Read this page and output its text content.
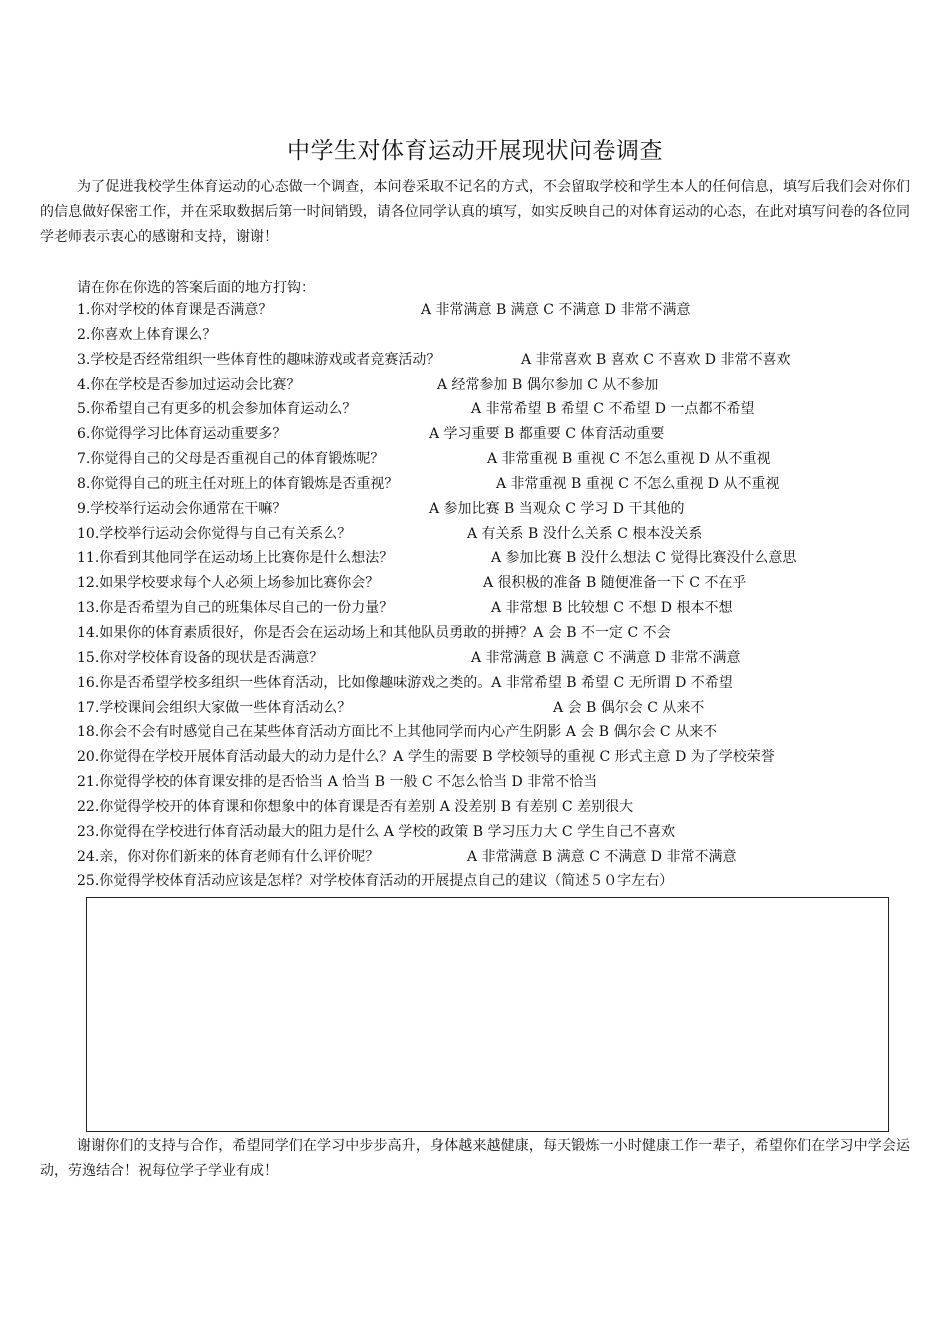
中学生对体育运动开展现状问卷调查
为了促进我校学生体育运动的心态做一个调查，本问卷采取不记名的方式，不会留取学校和学生本人的任何信息，填写后我们会对你们的信息做好保密工作，并在采取数据后第一时间销毁，请各位同学认真的填写，如实反映自己的对体育运动的心态，在此对填写问卷的各位同学老师表示衷心的感谢和支持，谢谢！
请在你在你选的答案后面的地方打钩：
1.你对学校的体育课是否满意？	A 非常满意 B 满意 C 不满意 D 非常不满意
2.你喜欢上体育课么？
3.学校是否经常组织一些体育性的趣味游戏或者竞赛活动？	A 非常喜欢 B 喜欢 C 不喜欢 D 非常不喜欢
4.你在学校是否参加过运动会比赛？	A 经常参加 B 偶尔参加 C 从不参加
5.你希望自己有更多的机会参加体育运动么？	A 非常希望 B 希望 C 不希望 D 一点都不希望
6.你觉得学习比体育运动重要多？	A 学习重要 B 都重要 C 体育活动重要
7.你觉得自己的父母是否重视自己的体育锻炼呢？	A 非常重视 B 重视 C 不怎么重视 D 从不重视
8.你觉得自己的班主任对班上的体育锻炼是否重视？	A 非常重视 B 重视 C 不怎么重视 D 从不重视
9.学校举行运动会你通常在干嘛？	A 参加比赛 B 当观众 C 学习 D 干其他的
10.学校举行运动会你觉得与自己有关系么？	A 有关系 B 没什么关系 C 根本没关系
11.你看到其他同学在运动场上比赛你是什么想法？	A 参加比赛 B 没什么想法 C 觉得比赛没什么意思
12.如果学校要求每个人必须上场参加比赛你会？	A 很积极的准备 B 随便准备一下 C 不在乎
13.你是否希望为自己的班集体尽自己的一份力量？	A 非常想 B 比较想 C 不想 D 根本不想
14.如果你的体育素质很好，你是否会在运动场上和其他队员勇敢的拼搏？A 会 B 不一定 C 不会
15.你对学校体育设备的现状是否满意？	A 非常满意 B 满意 C 不满意 D 非常不满意
16.你是否希望学校多组织一些体育活动，比如像趣味游戏之类的。A 非常希望 B 希望 C 无所谓 D 不希望
17.学校课间会组织大家做一些体育活动么？	A 会 B 偶尔会 C 从来不
18.你会不会有时感觉自己在某些体育活动方面比不上其他同学而内心产生阴影 A 会 B 偶尔会 C 从来不
20.你觉得在学校开展体育活动最大的动力是什么？A 学生的需要 B 学校领导的重视 C 形式主意 D 为了学校荣誉
21.你觉得学校的体育课安排的是否恰当 A 恰当 B 一般 C 不怎么恰当 D 非常不恰当
22.你觉得学校开的体育课和你想象中的体育课是否有差别 A 没差别 B 有差别 C 差别很大
23.你觉得在学校进行体育活动最大的阻力是什么 A 学校的政策 B 学习压力大 C 学生自己不喜欢
24.亲，你对你们新来的体育老师有什么评价呢？	A 非常满意 B 满意 C 不满意 D 非常不满意
25.你觉得学校体育活动应该是怎样？对学校体育活动的开展提点自己的建议（简述５０字左右）
谢谢你们的支持与合作，希望同学们在学习中步步高升，身体越来越健康，每天锻炼一小时健康工作一辈子，希望你们在学习中学会运动，劳逸结合！祝每位学子学业有成！
